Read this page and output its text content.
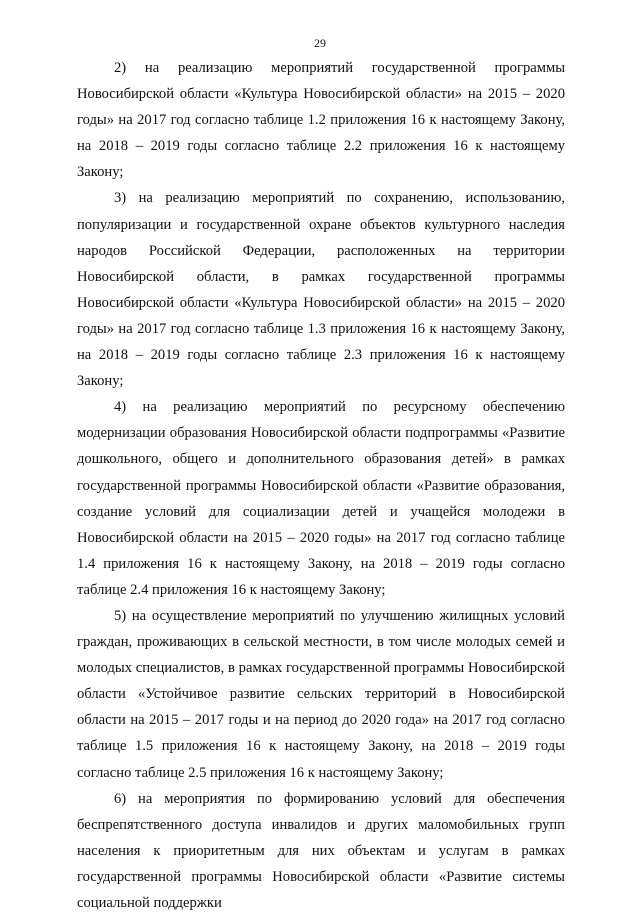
29

2) на реализацию мероприятий государственной программы Новосибирской области «Культура Новосибирской области» на 2015 – 2020 годы» на 2017 год согласно таблице 1.2 приложения 16 к настоящему Закону, на 2018 – 2019 годы согласно таблице 2.2 приложения 16 к настоящему Закону;

3) на реализацию мероприятий по сохранению, использованию, популяризации и государственной охране объектов культурного наследия народов Российской Федерации, расположенных на территории Новосибирской области, в рамках государственной программы Новосибирской области «Культура Новосибирской области» на 2015 – 2020 годы» на 2017 год согласно таблице 1.3 приложения 16 к настоящему Закону, на 2018 – 2019 годы согласно таблице 2.3 приложения 16 к настоящему Закону;

4) на реализацию мероприятий по ресурсному обеспечению модернизации образования Новосибирской области подпрограммы «Развитие дошкольного, общего и дополнительного образования детей» в рамках государственной программы Новосибирской области «Развитие образования, создание условий для социализации детей и учащейся молодежи в Новосибирской области на 2015 – 2020 годы» на 2017 год согласно таблице 1.4 приложения 16 к настоящему Закону, на 2018 – 2019 годы согласно таблице 2.4 приложения 16 к настоящему Закону;

5) на осуществление мероприятий по улучшению жилищных условий граждан, проживающих в сельской местности, в том числе молодых семей и молодых специалистов, в рамках государственной программы Новосибирской области «Устойчивое развитие сельских территорий в Новосибирской области на 2015 – 2017 годы и на период до 2020 года» на 2017 год согласно таблице 1.5 приложения 16 к настоящему Закону, на 2018 – 2019 годы согласно таблице 2.5 приложения 16 к настоящему Закону;

6) на мероприятия по формированию условий для обеспечения беспрепятственного доступа инвалидов и других маломобильных групп населения к приоритетным для них объектам и услугам в рамках государственной программы Новосибирской области «Развитие системы социальной поддержки
